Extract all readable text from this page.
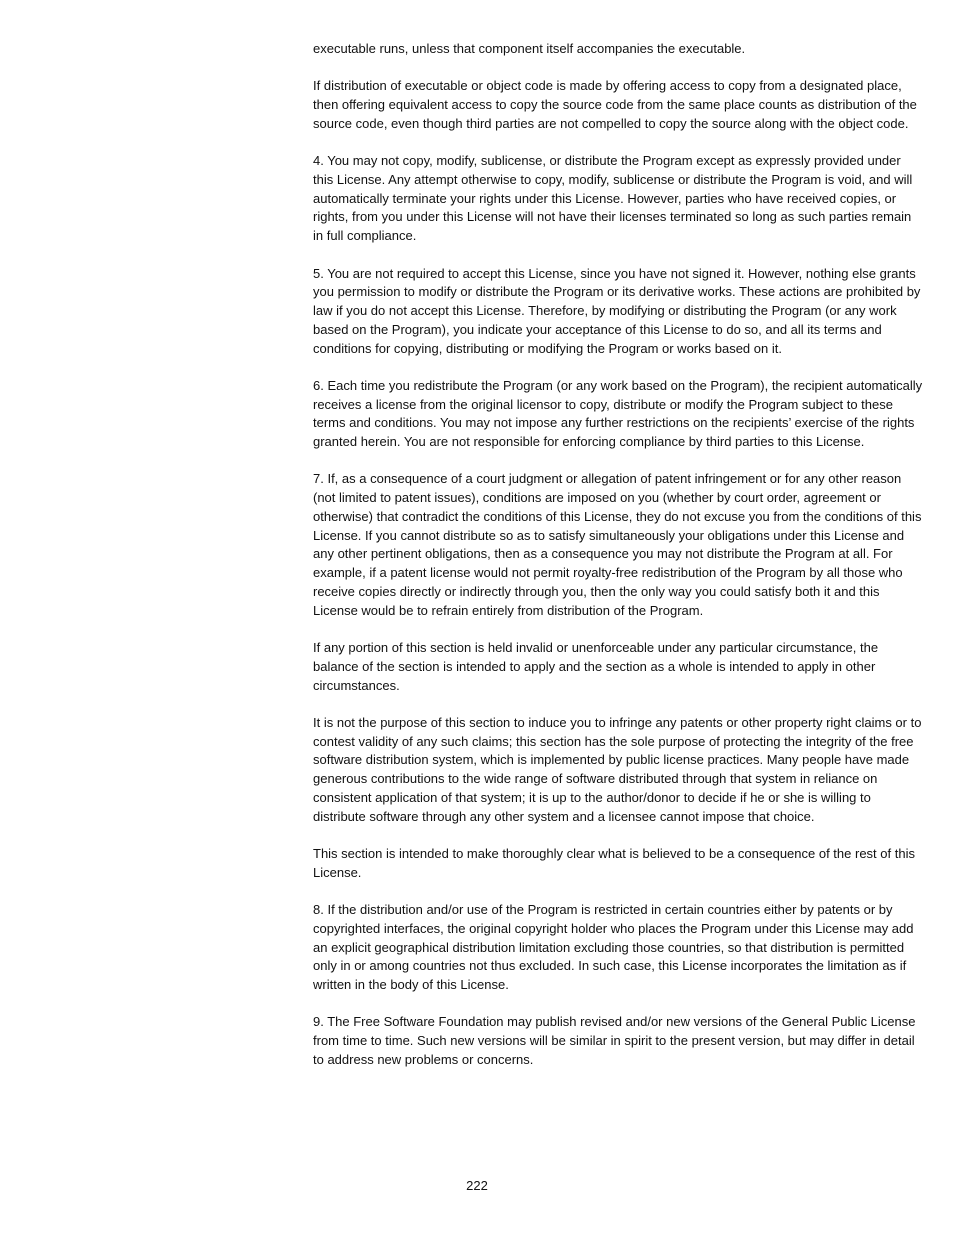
executable runs, unless that component itself accompanies the executable.

If distribution of executable or object code is made by offering access to copy from a designated place, then offering equivalent access to copy the source code from the same place counts as distribution of the source code, even though third parties are not compelled to copy the source along with the object code.

4. You may not copy, modify, sublicense, or distribute the Program except as expressly provided under this License. Any attempt otherwise to copy, modify, sublicense or distribute the Program is void, and will automatically terminate your rights under this License. However, parties who have received copies, or rights, from you under this License will not have their licenses terminated so long as such parties remain in full compliance.

5. You are not required to accept this License, since you have not signed it. However, nothing else grants you permission to modify or distribute the Program or its derivative works. These actions are prohibited by law if you do not accept this License. Therefore, by modifying or distributing the Program (or any work based on the Program), you indicate your acceptance of this License to do so, and all its terms and conditions for copying, distributing or modifying the Program or works based on it.

6. Each time you redistribute the Program (or any work based on the Program), the recipient automatically receives a license from the original licensor to copy, distribute or modify the Program subject to these terms and conditions. You may not impose any further restrictions on the recipients’ exercise of the rights granted herein. You are not responsible for enforcing compliance by third parties to this License.

7. If, as a consequence of a court judgment or allegation of patent infringement or for any other reason (not limited to patent issues), conditions are imposed on you (whether by court order, agreement or otherwise) that contradict the conditions of this License, they do not excuse you from the conditions of this License. If you cannot distribute so as to satisfy simultaneously your obligations under this License and any other pertinent obligations, then as a consequence you may not distribute the Program at all. For example, if a patent license would not permit royalty-free redistribution of the Program by all those who receive copies directly or indirectly through you, then the only way you could satisfy both it and this License would be to refrain entirely from distribution of the Program.

If any portion of this section is held invalid or unenforceable under any particular circumstance, the balance of the section is intended to apply and the section as a whole is intended to apply in other circumstances.

It is not the purpose of this section to induce you to infringe any patents or other property right claims or to contest validity of any such claims; this section has the sole purpose of protecting the integrity of the free software distribution system, which is implemented by public license practices. Many people have made generous contributions to the wide range of software distributed through that system in reliance on consistent application of that system; it is up to the author/donor to decide if he or she is willing to distribute software through any other system and a licensee cannot impose that choice.

This section is intended to make thoroughly clear what is believed to be a consequence of the rest of this License.

8. If the distribution and/or use of the Program is restricted in certain countries either by patents or by copyrighted interfaces, the original copyright holder who places the Program under this License may add an explicit geographical distribution limitation excluding those countries, so that distribution is permitted only in or among countries not thus excluded. In such case, this License incorporates the limitation as if written in the body of this License.

9. The Free Software Foundation may publish revised and/or new versions of the General Public License from time to time. Such new versions will be similar in spirit to the present version, but may differ in detail to address new problems or concerns.

222
